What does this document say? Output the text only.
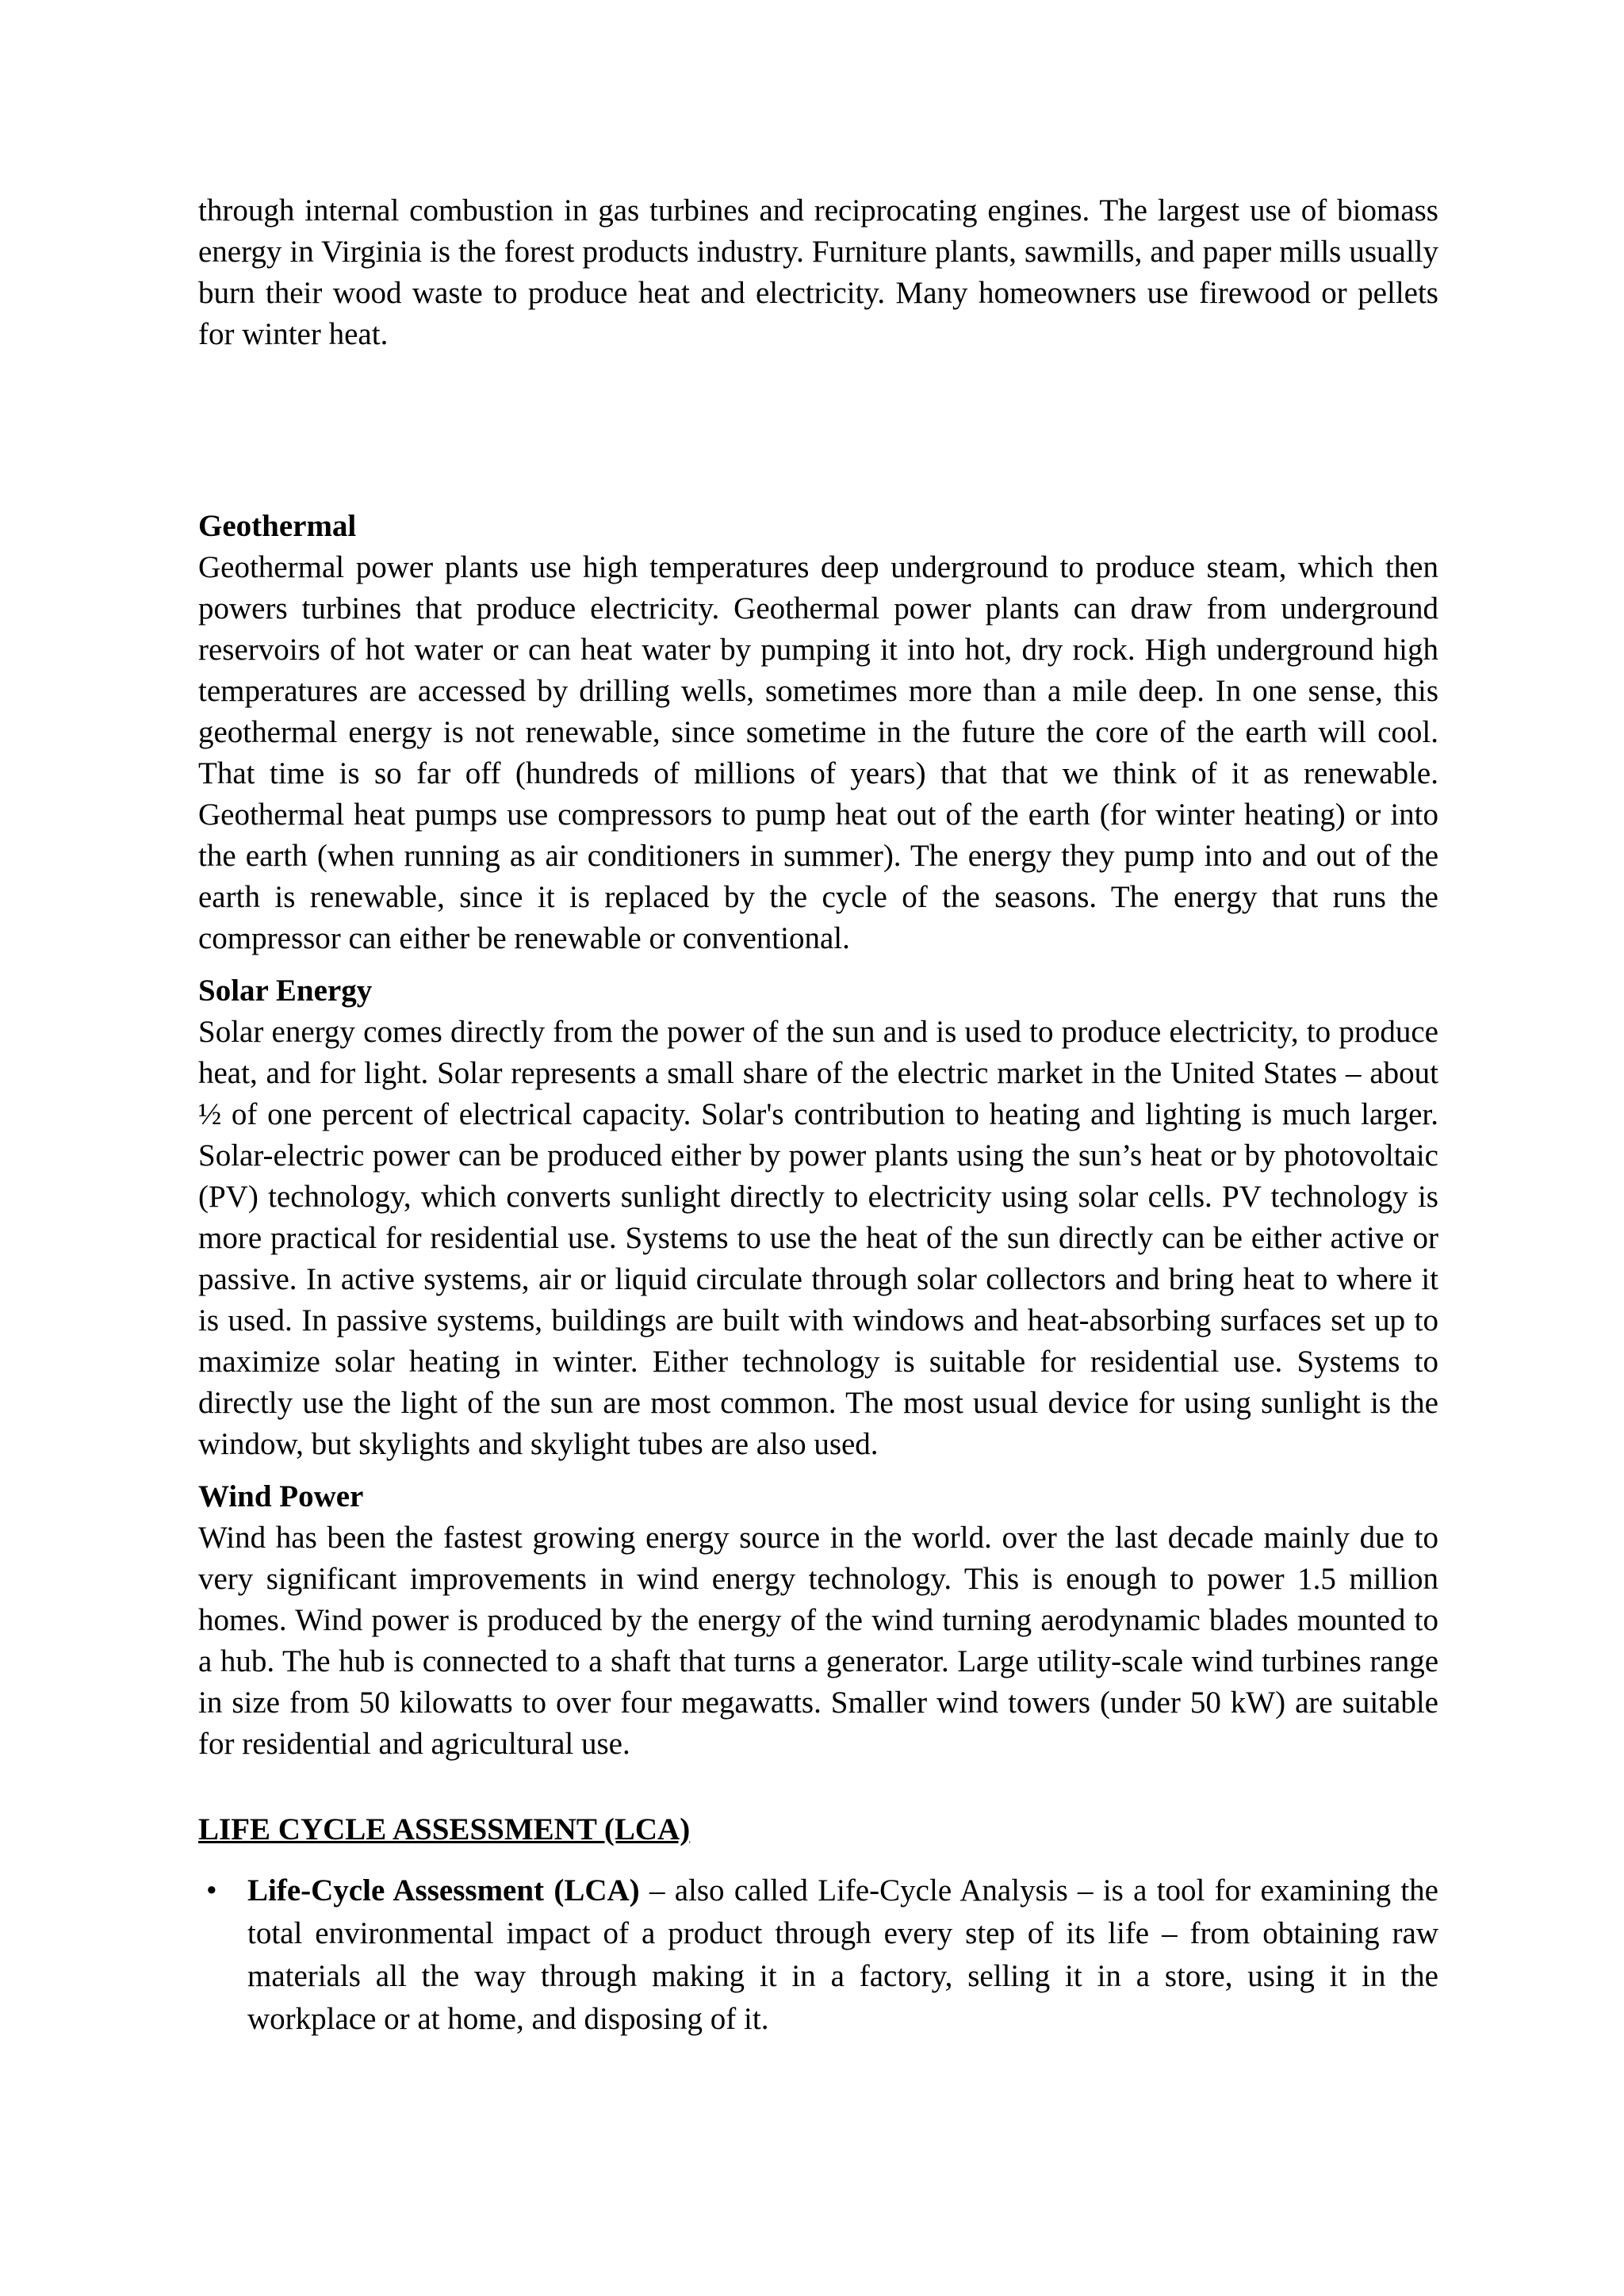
through internal combustion in gas turbines and reciprocating engines. The largest use of biomass energy in Virginia is the forest products industry. Furniture plants, sawmills, and paper mills usually burn their wood waste to produce heat and electricity. Many homeowners use firewood or pellets for winter heat.

Geothermal

Geothermal power plants use high temperatures deep underground to produce steam, which then powers turbines that produce electricity. Geothermal power plants can draw from underground reservoirs of hot water or can heat water by pumping it into hot, dry rock. High underground high temperatures are accessed by drilling wells, sometimes more than a mile deep. In one sense, this geothermal energy is not renewable, since sometime in the future the core of the earth will cool. That time is so far off (hundreds of millions of years) that that we think of it as renewable. Geothermal heat pumps use compressors to pump heat out of the earth (for winter heating) or into the earth (when running as air conditioners in summer). The energy they pump into and out of the earth is renewable, since it is replaced by the cycle of the seasons. The energy that runs the compressor can either be renewable or conventional.

Solar Energy

Solar energy comes directly from the power of the sun and is used to produce electricity, to produce heat, and for light. Solar represents a small share of the electric market in the United States – about ½ of one percent of electrical capacity. Solar's contribution to heating and lighting is much larger. Solar-electric power can be produced either by power plants using the sun’s heat or by photovoltaic (PV) technology, which converts sunlight directly to electricity using solar cells. PV technology is more practical for residential use. Systems to use the heat of the sun directly can be either active or passive. In active systems, air or liquid circulate through solar collectors and bring heat to where it is used. In passive systems, buildings are built with windows and heat-absorbing surfaces set up to maximize solar heating in winter. Either technology is suitable for residential use. Systems to directly use the light of the sun are most common. The most usual device for using sunlight is the window, but skylights and skylight tubes are also used.

Wind Power

Wind has been the fastest growing energy source in the world. over the last decade mainly due to very significant improvements in wind energy technology. This is enough to power 1.5 million homes. Wind power is produced by the energy of the wind turning aerodynamic blades mounted to a hub. The hub is connected to a shaft that turns a generator. Large utility-scale wind turbines range in size from 50 kilowatts to over four megawatts. Smaller wind towers (under 50 kW) are suitable for residential and agricultural use.

LIFE CYCLE ASSESSMENT (LCA)
• Life-Cycle Assessment (LCA) – also called Life-Cycle Analysis – is a tool for examining the total environmental impact of a product through every step of its life – from obtaining raw materials all the way through making it in a factory, selling it in a store, using it in the workplace or at home, and disposing of it.
